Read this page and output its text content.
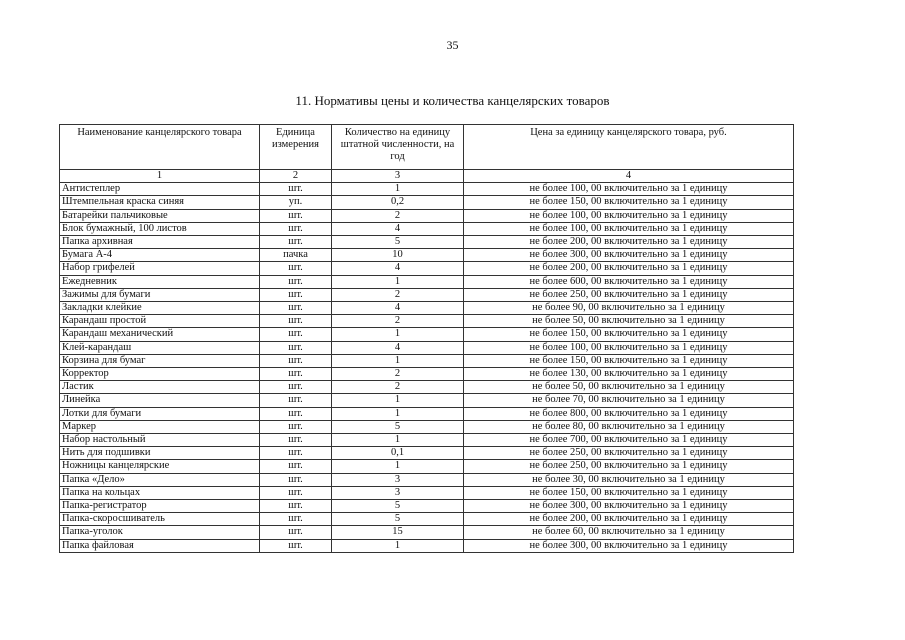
35
11. Нормативы цены и количества канцелярских товаров
Наименование канцелярского товара	Единица измерения	Количество на единицу штатной численности, на год	Цена за единицу канцелярского товара, руб.
1	2	3	4
Антистеплер	шт.	1	не более 100, 00 включительно за 1 единицу
Штемпельная краска синяя	уп.	0,2	не более 150, 00 включительно за 1 единицу
Батарейки пальчиковые	шт.	2	не более 100, 00 включительно за 1 единицу
Блок бумажный, 100 листов	шт.	4	не более 100, 00 включительно за 1 единицу
Папка архивная	шт.	5	не более 200, 00 включительно за 1 единицу
Бумага А-4	пачка	10	не более 300, 00 включительно за 1 единицу
Набор грифелей	шт.	4	не более 200, 00 включительно за 1 единицу
Ежедневник	шт.	1	не более 600, 00 включительно за 1 единицу
Зажимы для бумаги	шт.	2	не более 250, 00 включительно за 1 единицу
Закладки клейкие	шт.	4	не более 90, 00 включительно за 1 единицу
Карандаш простой	шт.	2	не более 50, 00 включительно за 1 единицу
Карандаш механический	шт.	1	не более 150, 00 включительно за 1 единицу
Клей-карандаш	шт.	4	не более 100, 00 включительно за 1 единицу
Корзина для бумаг	шт.	1	не более 150, 00 включительно за 1 единицу
Корректор	шт.	2	не более 130, 00 включительно за 1 единицу
Ластик	шт.	2	не более 50, 00 включительно за 1 единицу
Линейка	шт.	1	не более 70, 00 включительно за 1 единицу
Лотки для бумаги	шт.	1	не более 800, 00 включительно за 1 единицу
Маркер	шт.	5	не более 80, 00 включительно за 1 единицу
Набор настольный	шт.	1	не более 700, 00 включительно за 1 единицу
Нить для подшивки	шт.	0,1	не более 250, 00 включительно за 1 единицу
Ножницы канцелярские	шт.	1	не более 250, 00 включительно за 1 единицу
Папка «Дело»	шт.	3	не более 30, 00 включительно за 1 единицу
Папка на кольцах	шт.	3	не более 150, 00 включительно за 1 единицу
Папка-регистратор	шт.	5	не более 300, 00 включительно за 1 единицу
Папка-скоросшиватель	шт.	5	не более 200, 00 включительно за 1 единицу
Папка-уголок	шт.	15	не более 60, 00 включительно за 1 единицу
Папка файловая	шт.	1	не более 300, 00 включительно за 1 единицу
